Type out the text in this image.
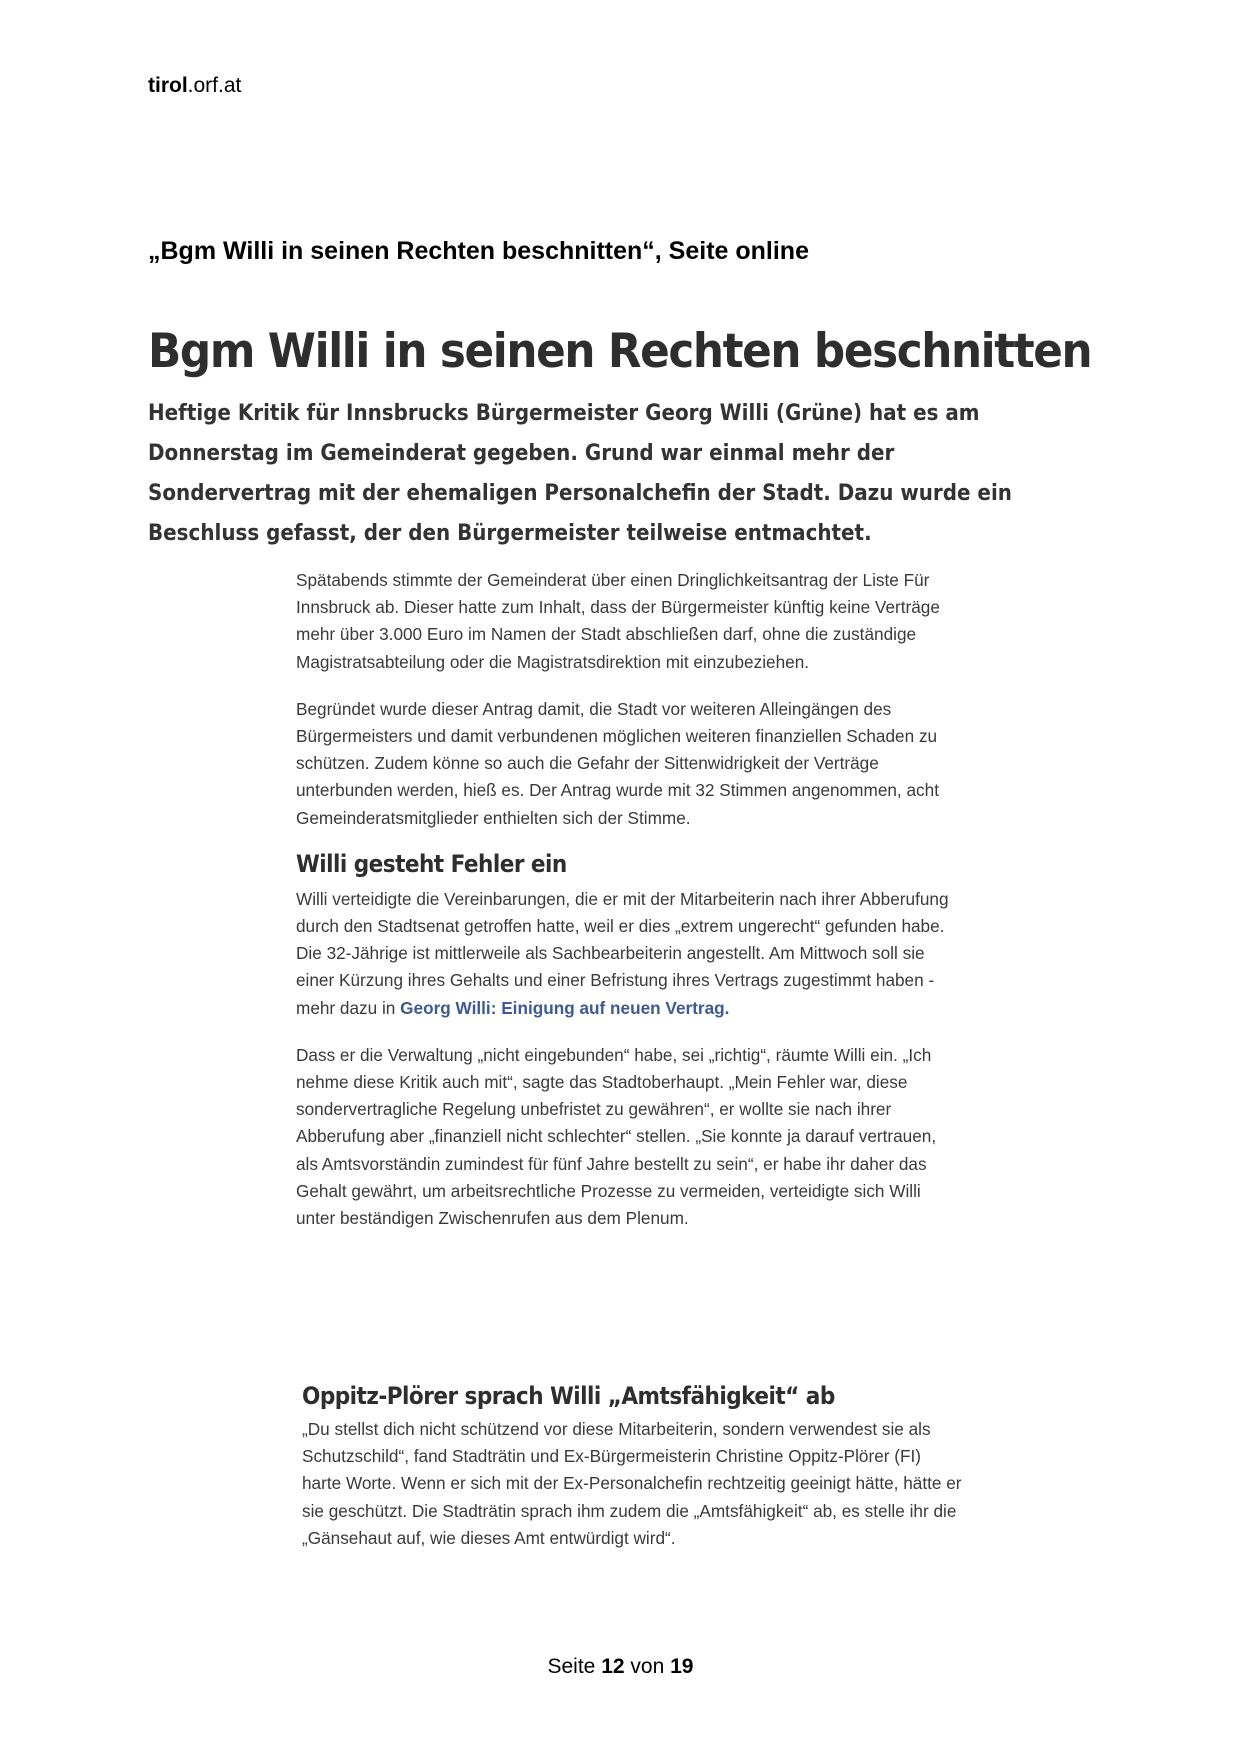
tirol.orf.at
„Bgm Willi in seinen Rechten beschnitten“, Seite online
Bgm Willi in seinen Rechten beschnitten
Heftige Kritik für Innsbrucks Bürgermeister Georg Willi (Grüne) hat es am Donnerstag im Gemeinderat gegeben. Grund war einmal mehr der Sondervertrag mit der ehemaligen Personalchefin der Stadt. Dazu wurde ein Beschluss gefasst, der den Bürgermeister teilweise entmachtet.

Spätabends stimmte der Gemeinderat über einen Dringlichkeitsantrag der Liste Für Innsbruck ab. Dieser hatte zum Inhalt, dass der Bürgermeister künftig keine Verträge mehr über 3.000 Euro im Namen der Stadt abschließen darf, ohne die zuständige Magistratsabteilung oder die Magistratsdirektion mit einzubeziehen.

Begründet wurde dieser Antrag damit, die Stadt vor weiteren Alleingängen des Bürgermeisters und damit verbundenen möglichen weiteren finanziellen Schaden zu schützen. Zudem könne so auch die Gefahr der Sittenwidrigkeit der Verträge unterbunden werden, hieß es. Der Antrag wurde mit 32 Stimmen angenommen, acht Gemeinderatsmitglieder enthielten sich der Stimme.

Willi gesteht Fehler ein

Willi verteidigte die Vereinbarungen, die er mit der Mitarbeiterin nach ihrer Abberufung durch den Stadtsenat getroffen hatte, weil er dies „extrem ungerecht“ gefunden habe. Die 32-Jährige ist mittlerweile als Sachbearbeiterin angestellt. Am Mittwoch soll sie einer Kürzung ihres Gehalts und einer Befristung ihres Vertrags zugestimmt haben - mehr dazu in Georg Willi: Einigung auf neuen Vertrag.

Dass er die Verwaltung „nicht eingebunden“ habe, sei „richtig“, räumte Willi ein. „Ich nehme diese Kritik auch mit“, sagte das Stadtoberhaupt. „Mein Fehler war, diese sondervertragliche Regelung unbefristet zu gewähren“, er wollte sie nach ihrer Abberufung aber „finanziell nicht schlechter“ stellen. „Sie konnte ja darauf vertrauen, als Amtsvorständin zumindest für fünf Jahre bestellt zu sein“, er habe ihr daher das Gehalt gewährt, um arbeitsrechtliche Prozesse zu vermeiden, verteidigte sich Willi unter beständigen Zwischenrufen aus dem Plenum.

Oppitz-Plörer sprach Willi „Amtsfähigkeit“ ab

„Du stellst dich nicht schützend vor diese Mitarbeiterin, sondern verwendest sie als Schutzschild“, fand Stadträtin und Ex-Bürgermeisterin Christine Oppitz-Plörer (FI) harte Worte. Wenn er sich mit der Ex-Personalchefin rechtzeitig geeinigt hätte, hätte er sie geschützt. Die Stadträtin sprach ihm zudem die „Amtsfähigkeit“ ab, es stelle ihr die „Gänsehaut auf, wie dieses Amt entwürdigt wird“.

Seite 12 von 19
